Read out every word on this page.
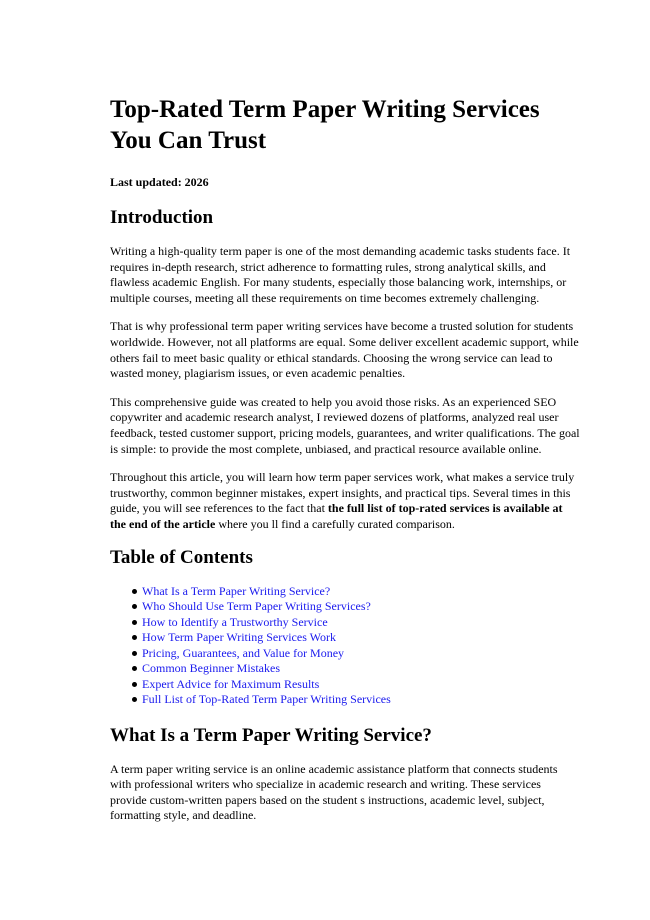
Top-Rated Term Paper Writing Services You Can Trust
Last updated: 2026
Introduction

Writing a high-quality term paper is one of the most demanding academic tasks students face. It requires in-depth research, strict adherence to formatting rules, strong analytical skills, and flawless academic English. For many students, especially those balancing work, internships, or multiple courses, meeting all these requirements on time becomes extremely challenging.

That is why professional term paper writing services have become a trusted solution for students worldwide. However, not all platforms are equal. Some deliver excellent academic support, while others fail to meet basic quality or ethical standards. Choosing the wrong service can lead to wasted money, plagiarism issues, or even academic penalties.

This comprehensive guide was created to help you avoid those risks. As an experienced SEO copywriter and academic research analyst, I reviewed dozens of platforms, analyzed real user feedback, tested customer support, pricing models, guarantees, and writer qualifications. The goal is simple: to provide the most complete, unbiased, and practical resource available online.

Throughout this article, you will learn how term paper services work, what makes a service truly trustworthy, common beginner mistakes, expert insights, and practical tips. Several times in this guide, you will see references to the fact that the full list of top-rated services is available at the end of the article where you ll find a carefully curated comparison.

Table of Contents
What Is a Term Paper Writing Service?
Who Should Use Term Paper Writing Services?
How to Identify a Trustworthy Service
How Term Paper Writing Services Work
Pricing, Guarantees, and Value for Money
Common Beginner Mistakes
Expert Advice for Maximum Results
Full List of Top-Rated Term Paper Writing Services
What Is a Term Paper Writing Service?

A term paper writing service is an online academic assistance platform that connects students with professional writers who specialize in academic research and writing. These services provide custom-written papers based on the student s instructions, academic level, subject, formatting style, and deadline.
